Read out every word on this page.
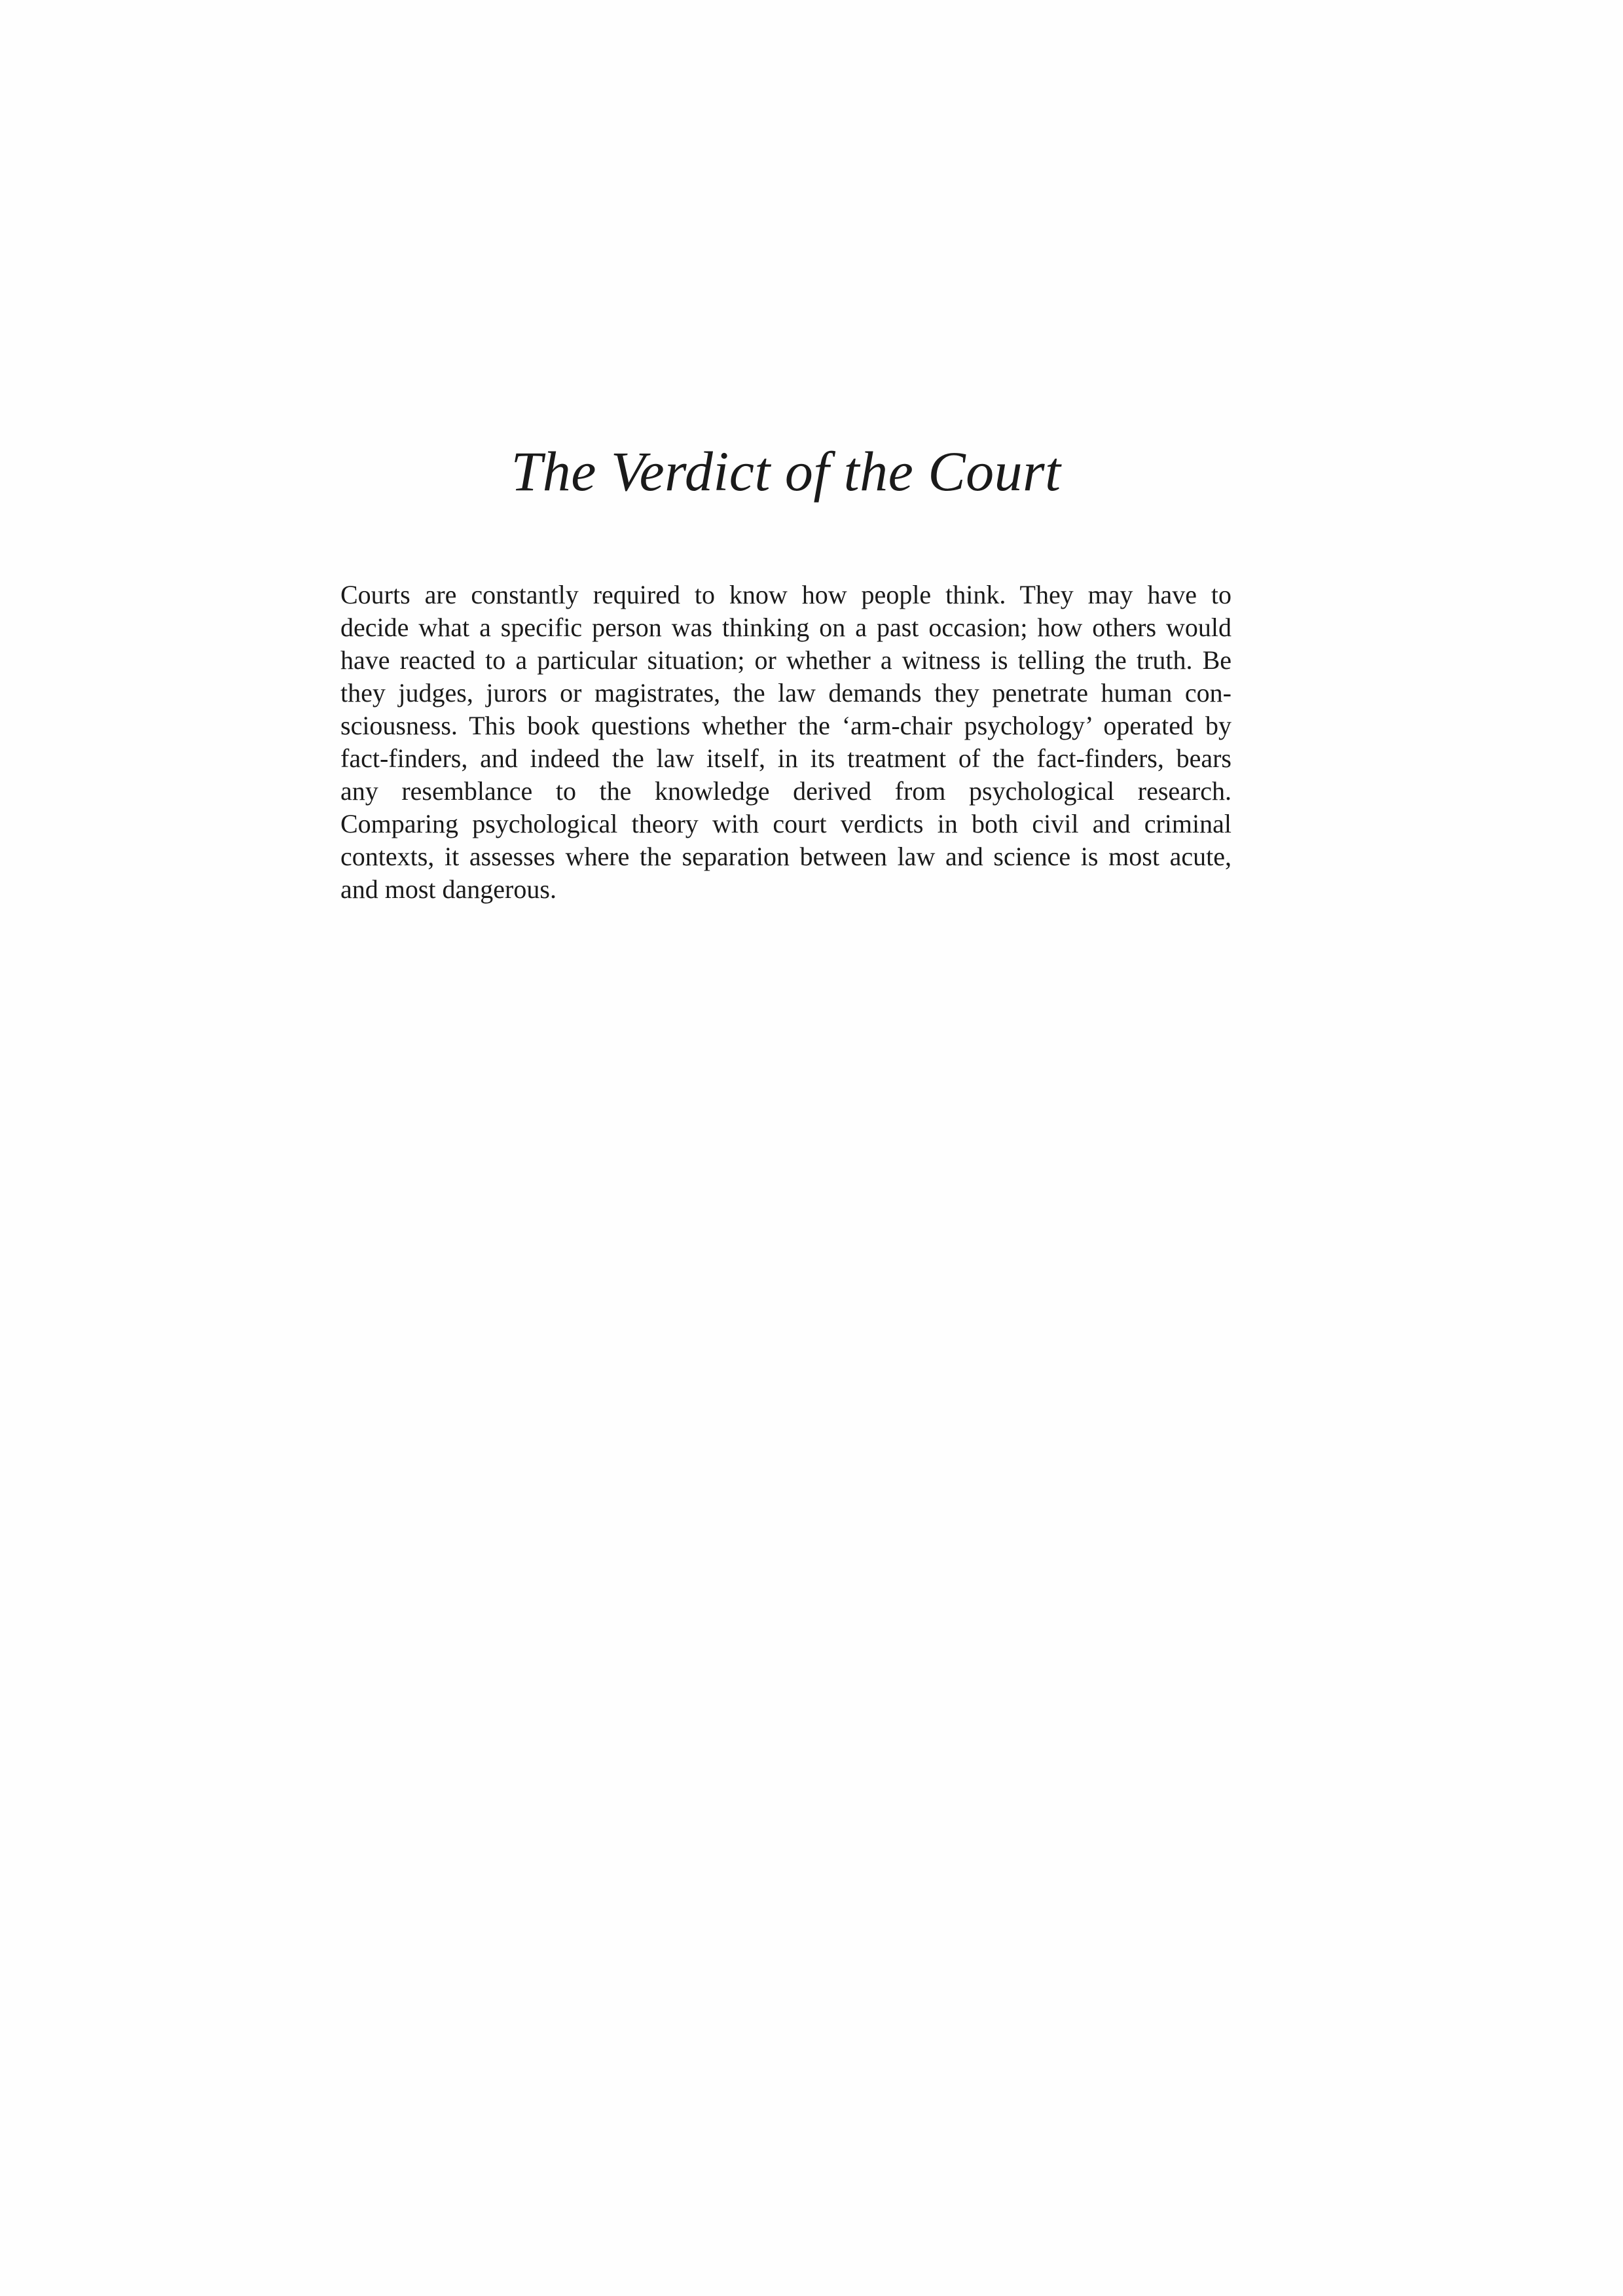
The Verdict of the Court
Courts are constantly required to know how people think. They may have to
decide what a specific person was thinking on a past occasion; how others would
have reacted to a particular situation; or whether a witness is telling the truth. Be
they judges, jurors or magistrates, the law demands they penetrate human con-
sciousness. This book questions whether the ‘arm-chair psychology’ operated by
fact-finders, and indeed the law itself, in its treatment of the fact-finders, bears
any resemblance to the knowledge derived from psychological research.
Comparing psychological theory with court verdicts in both civil and criminal
contexts, it assesses where the separation between law and science is most acute,
and most dangerous.
